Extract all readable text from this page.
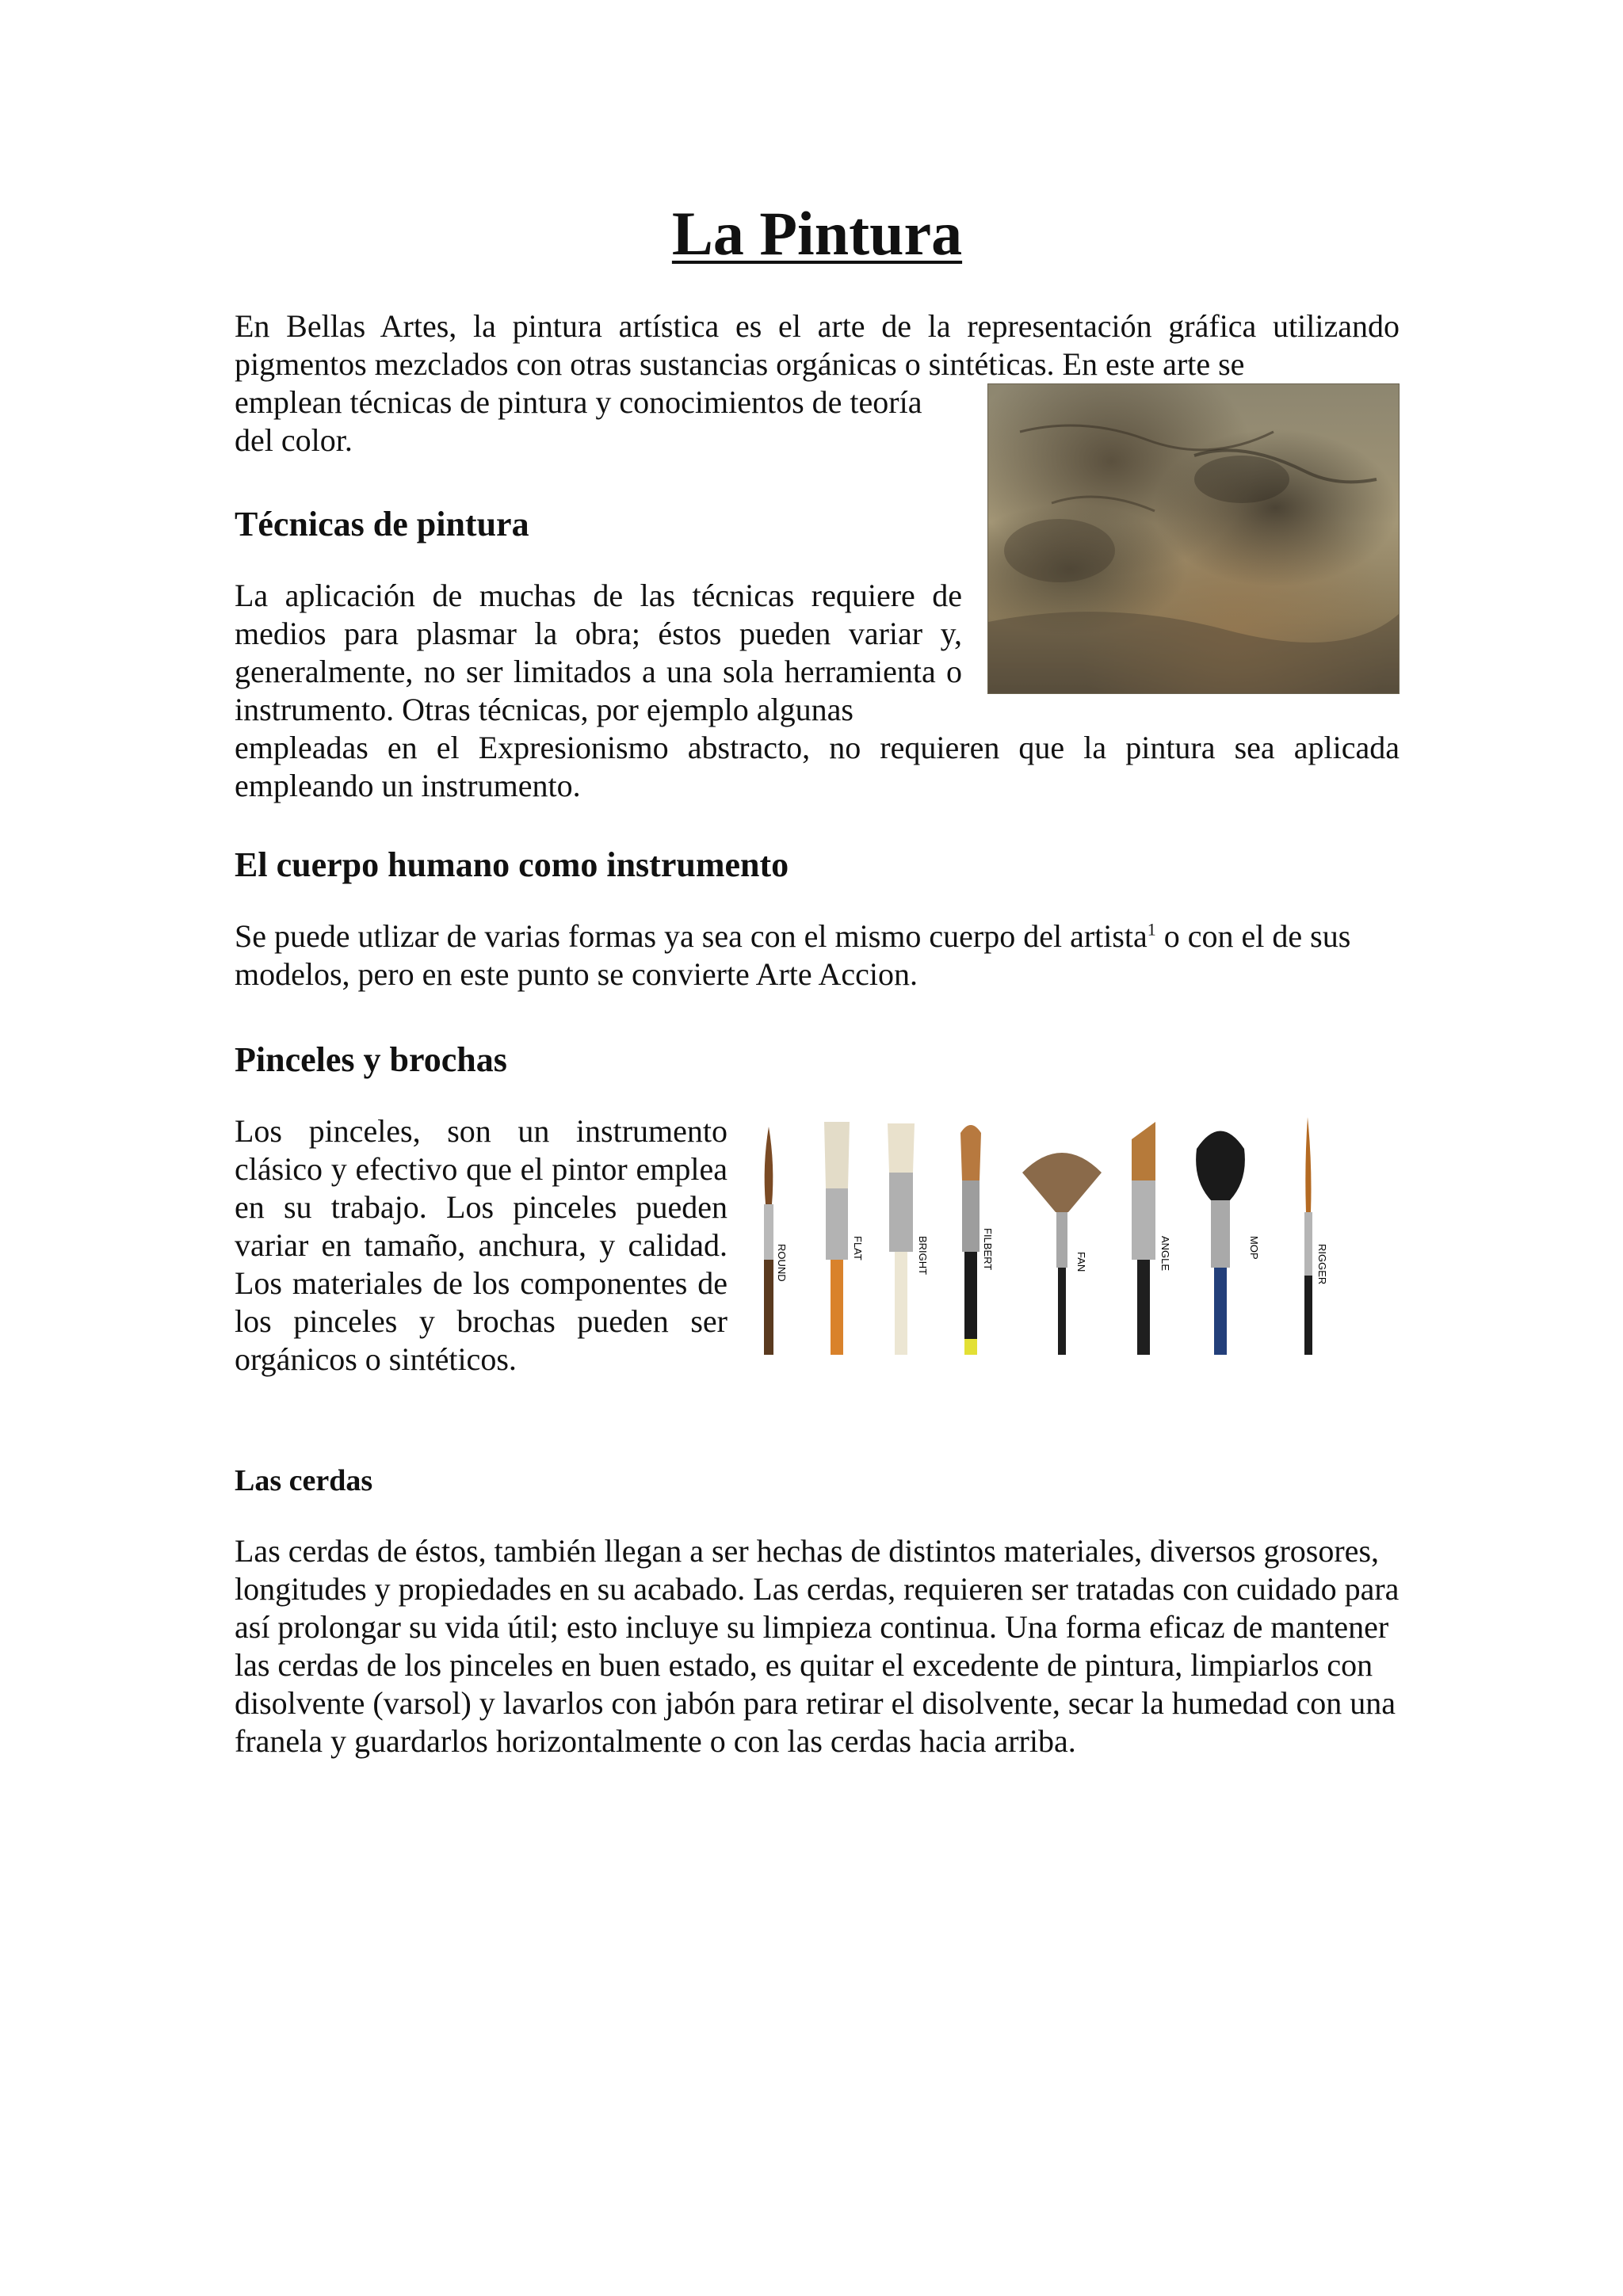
La Pintura

En Bellas Artes, la pintura artística es el arte de la representación gráfica utilizando pigmentos mezclados con otras sustancias orgánicas o sintéticas. En este arte se

emplean técnicas de pintura y conocimientos de teoría del color.

Técnicas de pintura

La aplicación de muchas de las técnicas requiere de medios para plasmar la obra; éstos pueden variar y, generalmente, no ser limitados a una sola herramienta o instrumento. Otras técnicas, por ejemplo algunas

empleadas en el Expresionismo abstracto, no requieren que la pintura sea aplicada empleando un instrumento.

El cuerpo humano como instrumento

Se puede utlizar de varias formas ya sea con el mismo cuerpo del artista$^1$ o con el de sus modelos, pero en este punto se convierte Arte Accion.

Pinceles y brochas

Los pinceles, son un instrumento clásico y efectivo que el pintor emplea en su trabajo. Los pinceles pueden variar en tamaño, anchura, y calidad. Los materiales de los componentes de los pinceles y brochas pueden ser orgánicos o sintéticos.

ROUND	FLAT	BRIGHT	FILBERT	FAN	ANGLE	MOP	RIGGER
Las cerdas

Las cerdas de éstos, también llegan a ser hechas de distintos materiales, diversos grosores, longitudes y propiedades en su acabado. Las cerdas, requieren ser tratadas con cuidado para así prolongar su vida útil; esto incluye su limpieza continua. Una forma eficaz de mantener las cerdas de los pinceles en buen estado, es quitar el excedente de pintura, limpiarlos con disolvente (varsol) y lavarlos con jabón para retirar el disolvente, secar la humedad con una franela y guardarlos horizontalmente o con las cerdas hacia arriba.
